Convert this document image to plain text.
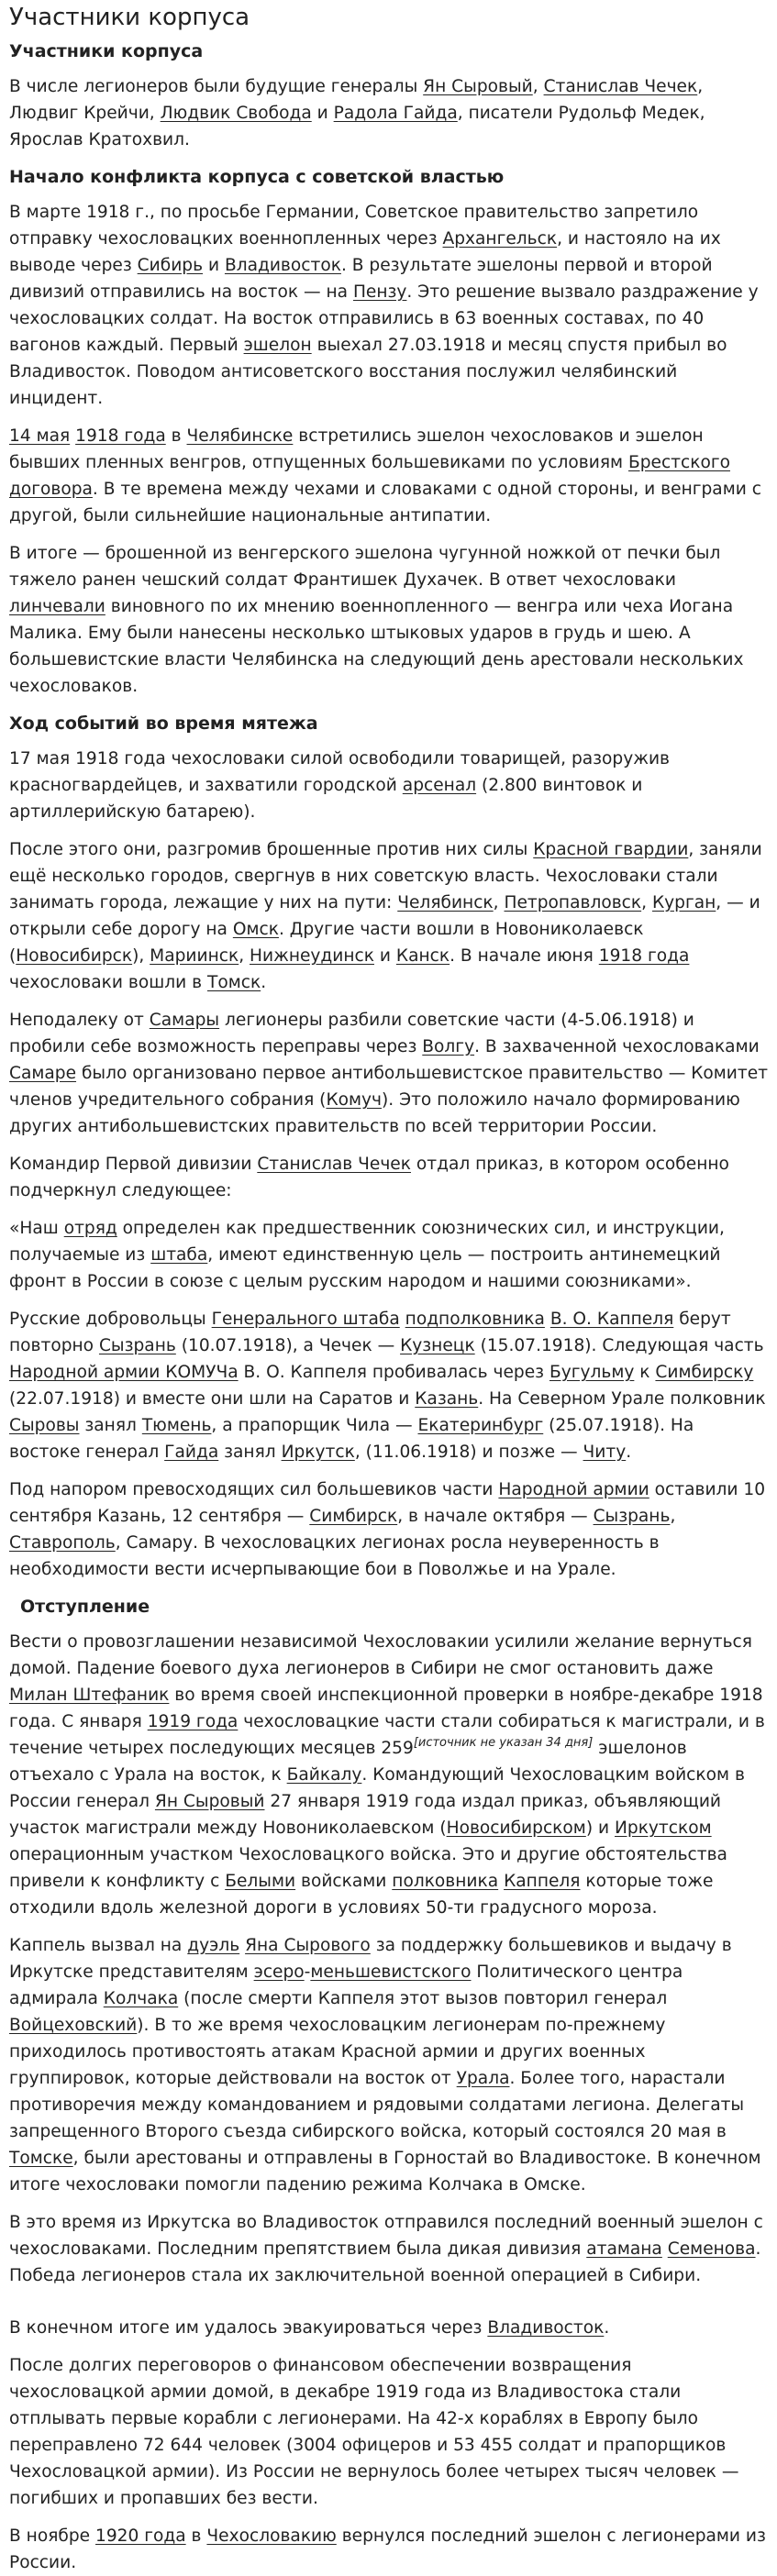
Участники корпуса
Участники корпуса

В числе легионеров были будущие генералы Ян Сыровый, Станислав Чечек, Людвиг Крейчи, Людвик Свобода и Радола Гайда, писатели Рудольф Медек, Ярослав Кратохвил.

Начало конфликта корпуса с советской властью

В марте 1918 г., по просьбе Германии, Советское правительство запретило отправку чехословацких военнопленных через Архангельск, и настояло на их выводе через Сибирь и Владивосток. В результате эшелоны первой и второй дивизий отправились на восток — на Пензу. Это решение вызвало раздражение у чехословацких солдат. На восток отправились в 63 военных составах, по 40 вагонов каждый. Первый эшелон выехал 27.03.1918 и месяц спустя прибыл во Владивосток. Поводом антисоветского восстания послужил челябинский инцидент.

14 мая 1918 года в Челябинске встретились эшелон чехословаков и эшелон бывших пленных венгров, отпущенных большевиками по условиям Брестского договора. В те времена между чехами и словаками с одной стороны, и венграми с другой, были сильнейшие национальные антипатии.

В итоге — брошенной из венгерского эшелона чугунной ножкой от печки был тяжело ранен чешский солдат Франтишек Духачек. В ответ чехословаки линчевали виновного по их мнению военнопленного — венгра или чеха Иогана Малика. Ему были нанесены несколько штыковых ударов в грудь и шею. А большевистские власти Челябинска на следующий день арестовали нескольких чехословаков.

Ход событий во время мятежа

17 мая 1918 года чехословаки силой освободили товарищей, разоружив красногвардейцев, и захватили городской арсенал (2.800 винтовок и артиллерийскую батарею).

После этого они, разгромив брошенные против них силы Красной гвардии, заняли ещё несколько городов, свергнув в них советскую власть. Чехословаки стали занимать города, лежащие у них на пути: Челябинск, Петропавловск, Курган, — и открыли себе дорогу на Омск. Другие части вошли в Новониколаевск (Новосибирск), Мариинск, Нижнеудинск и Канск. В начале июня 1918 года чехословаки вошли в Томск.

Неподалеку от Самары легионеры разбили советские части (4-5.06.1918) и пробили себе возможность переправы через Волгу. В захваченной чехословаками Самаре было организовано первое антибольшевистское правительство — Комитет членов учредительного собрания (Комуч). Это положило начало формированию других антибольшевистских правительств по всей территории России.

Командир Первой дивизии Станислав Чечек отдал приказ, в котором особенно подчеркнул следующее:

«Наш отряд определен как предшественник союзнических сил, и инструкции, получаемые из штаба, имеют единственную цель — построить антинемецкий фронт в России в союзе с целым русским народом и нашими союзниками».

Русские добровольцы Генерального штаба подполковника В. О. Каппеля берут повторно Сызрань (10.07.1918), а Чечек — Кузнецк (15.07.1918). Следующая часть Народной армии КОМУЧа В. О. Каппеля пробивалась через Бугульму к Симбирску (22.07.1918) и вместе они шли на Саратов и Казань. На Северном Урале полковник Сыровы занял Тюмень, а прапорщик Чила — Екатеринбург (25.07.1918). На востоке генерал Гайда занял Иркутск, (11.06.1918) и позже — Читу.

Под напором превосходящих сил большевиков части Народной армии оставили 10 сентября Казань, 12 сентября — Симбирск, в начале октября — Сызрань, Ставрополь, Самару. В чехословацких легионах росла неуверенность в необходимости вести исчерпывающие бои в Поволжье и на Урале.

Отступление

Вести о провозглашении независимой Чехословакии усилили желание вернуться домой. Падение боевого духа легионеров в Сибири не смог остановить даже Милан Штефаник во время своей инспекционной проверки в ноябре-декабре 1918 года. С января 1919 года чехословацкие части стали собираться к магистрали, и в течение четырех последующих месяцев 259[источник не указан 34 дня] эшелонов отъехало с Урала на восток, к Байкалу. Командующий Чехословацким войском в России генерал Ян Сыровый 27 января 1919 года издал приказ, объявляющий участок магистрали между Новониколаевском (Новосибирском) и Иркутском операционным участком Чехословацкого войска. Это и другие обстоятельства привели к конфликту с Белыми войсками полковника Каппеля которые тоже отходили вдоль железной дороги в условиях 50-ти градусного мороза.

Каппель вызвал на дуэль Яна Сырового за поддержку большевиков и выдачу в Иркутске представителям эсеро-меньшевистского Политического центра адмирала Колчака (после смерти Каппеля этот вызов повторил генерал Войцеховский). В то же время чехословацким легионерам по-прежнему приходилось противостоять атакам Красной армии и других военных группировок, которые действовали на восток от Урала. Более того, нарастали противоречия между командованием и рядовыми солдатами легиона. Делегаты запрещенного Второго съезда сибирского войска, который состоялся 20 мая в Томске, были арестованы и отправлены в Горностай во Владивостоке. В конечном итоге чехословаки помогли падению режима Колчака в Омске.

В это время из Иркутска во Владивосток отправился последний военный эшелон с чехословаками. Последним препятствием была дикая дивизия атамана Семенова. Победа легионеров стала их заключительной военной операцией в Сибири.

В конечном итоге им удалось эвакуироваться через Владивосток.

После долгих переговоров о финансовом обеспечении возвращения чехословацкой армии домой, в декабре 1919 года из Владивостока стали отплывать первые корабли с легионерами. На 42-х кораблях в Европу было переправлено 72 644 человек (3004 офицеров и 53 455 солдат и прапорщиков Чехословацкой армии). Из России не вернулось более четырех тысяч человек — погибших и пропавших без вести.

В ноябре 1920 года в Чехословакию вернулся последний эшелон с легионерами из России.
